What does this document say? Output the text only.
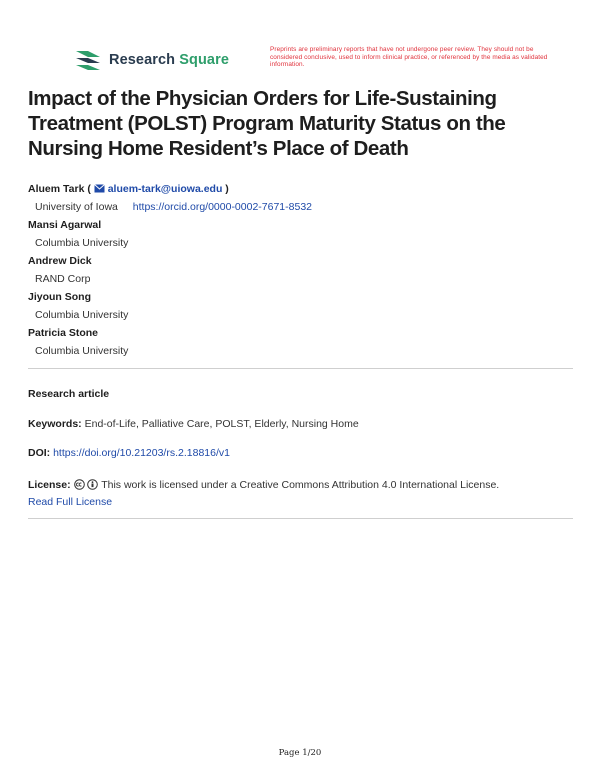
Research Square
Preprints are preliminary reports that have not undergone peer review. They should not be considered conclusive, used to inform clinical practice, or referenced by the media as validated information.
Impact of the Physician Orders for Life-Sustaining Treatment (POLST) Program Maturity Status on the Nursing Home Resident’s Place of Death
Aluem Tark (  aluem-tark@uiowa.edu )
University of Iowa https://orcid.org/0000-0002-7671-8532
Mansi Agarwal
Columbia University
Andrew Dick
RAND Corp
Jiyoun Song
Columbia University
Patricia Stone
Columbia University
Research article
Keywords: End-of-Life, Palliative Care, POLST, Elderly, Nursing Home
DOI: https://doi.org/10.21203/rs.2.18816/v1
License:	This work is licensed under a Creative Commons Attribution 4.0 International License.
Read Full License
Page 1/20
